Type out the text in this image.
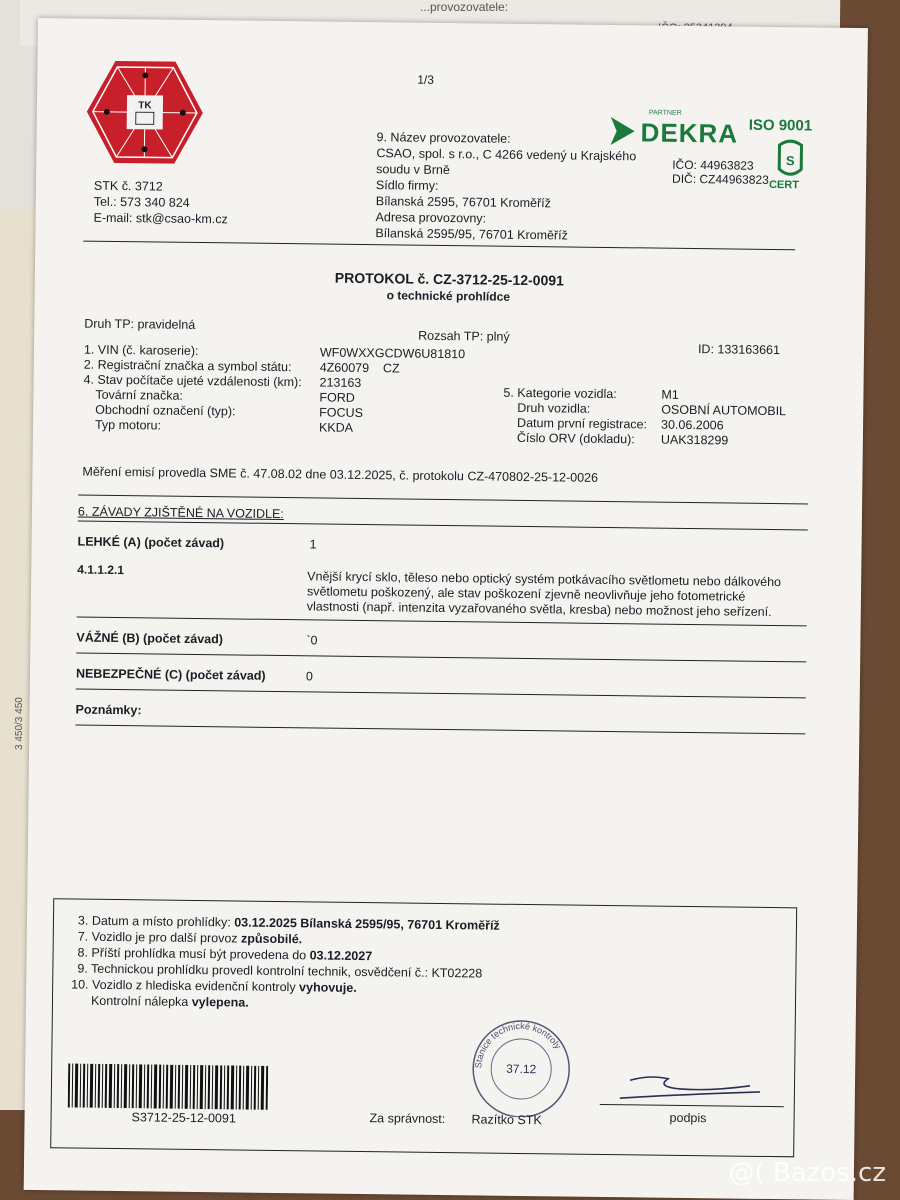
...provozovatele:
3 450/3 450
TK
1/3
STK č. 3712
Tel.: 573 340 824
E-mail: stk@csao-km.cz
9. Název provozovatele:
CSAO, spol. s r.o., C 4266 vedený u Krajského
soudu v Brně
Sídlo firmy:
Bílanská 2595, 76701 Kroměříž
Adresa provozovny:
Bílanská 2595/95, 76701 Kroměříž
PARTNER
DEKRA ISO 9001
IČO: 44963823
DIČ: CZ44963823
S
CERT
PROTOKOL č. CZ-3712-25-12-0091
o technické prohlídce
Druh TP: pravidelná
Rozsah TP: plný
ID: 133163661
1. VIN (č. karoserie):	WF0WXXGCDW6U81810
2. Registrační značka a symbol státu: 4Z60079    CZ
4. Stav počítače ujeté vzdálenosti (km): 213163
Tovární značka:	FORD
Obchodní označení (typ):	FOCUS
Typ motoru:	KKDA
5. Kategorie vozidla:	M1
Druh vozidla:	OSOBNÍ AUTOMOBIL
Datum první registrace: 30.06.2006
Číslo ORV (dokladu): UAK318299
Měření emisí provedla SME č. 47.08.02 dne 03.12.2025, č. protokolu CZ-470802-25-12-0026
6. ZÁVADY ZJIŠTĚNÉ NA VOZIDLE:
LEHKÉ (A) (počet závad)	1
4.1.1.2.1	Vnější krycí sklo, těleso nebo optický systém potkávacího světlometu nebo dálkového
světlometu poškozený, ale stav poškození zjevně neovlivňuje jeho fotometrické
vlastnosti (např. intenzita vyzařovaného světla, kresba) nebo možnost jeho seřízení.
VÁŽNÉ (B) (počet závad)	`0
NEBEZPEČNÉ (C) (počet závad)	0
Poznámky:
3. Datum a místo prohlídky: 03.12.2025 Bílanská 2595/95, 76701 Kroměříž
7. Vozidlo je pro další provoz způsobilé.
8. Příští prohlídka musí být provedena do 03.12.2027
9. Technickou prohlídku provedl kontrolní technik, osvědčení č.: KT02228
10. Vozidlo z hlediska evidenční kontroly vyhovuje.
Kontrolní nálepka vylepena.
S3712-25-12-0091	Za správnost:
Stanice technické kontroly
37.12
Razítko STK	podpis
@( Bazos.cz
